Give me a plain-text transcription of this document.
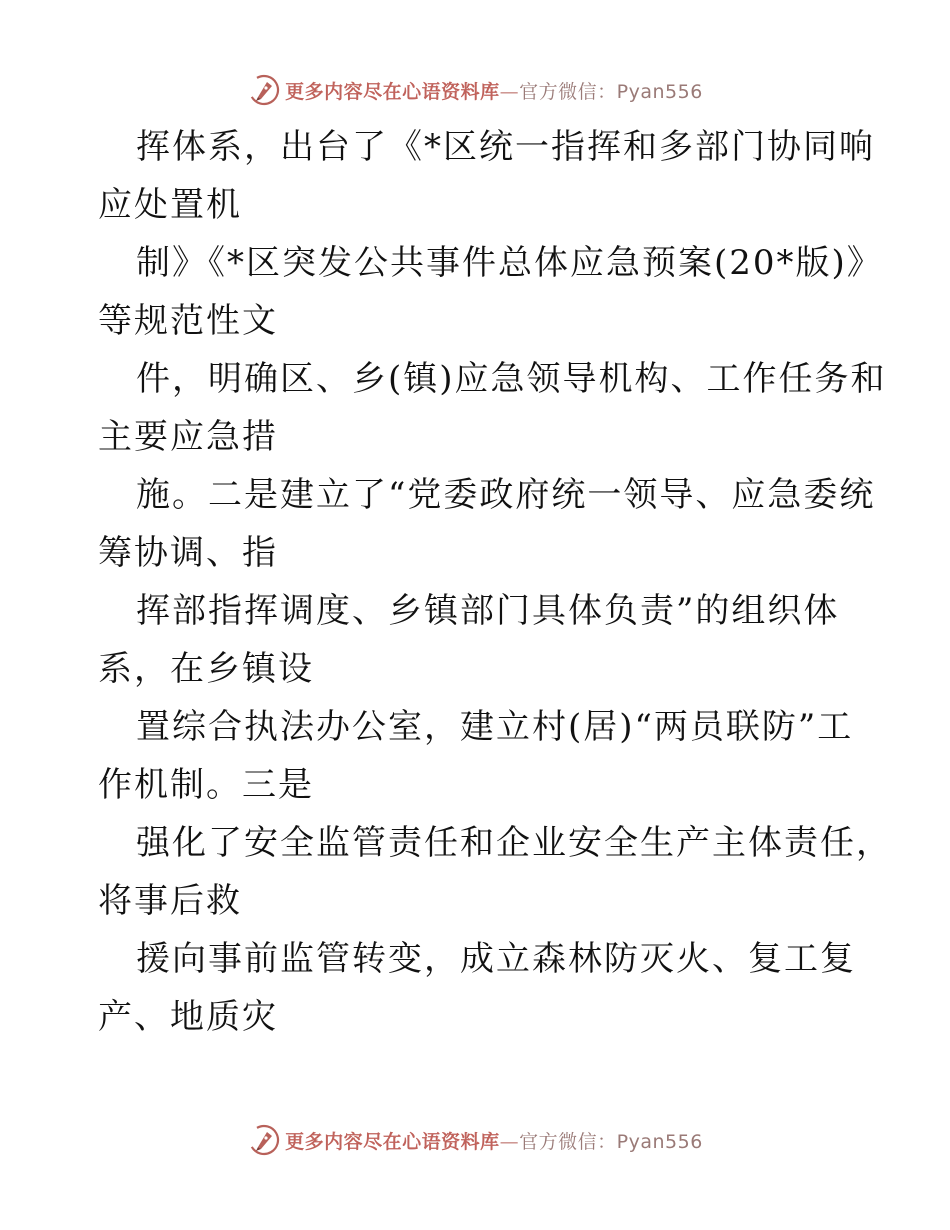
更多内容尽在心语资料库—官方微信：Pyan556
挥体系，出台了《*区统一指挥和多部门协同响
应处置机
制》《*区突发公共事件总体应急预案(20*版)》
等规范性文
件，明确区、乡(镇)应急领导机构、工作任务和
主要应急措
施。二是建立了“党委政府统一领导、应急委统
筹协调、指
挥部指挥调度、乡镇部门具体负责”的组织体
系，在乡镇设
置综合执法办公室，建立村(居)“两员联防”工
作机制。三是
强化了安全监管责任和企业安全生产主体责任，
将事后救
援向事前监管转变，成立森林防灭火、复工复
产、地质灾
更多内容尽在心语资料库—官方微信：Pyan556
